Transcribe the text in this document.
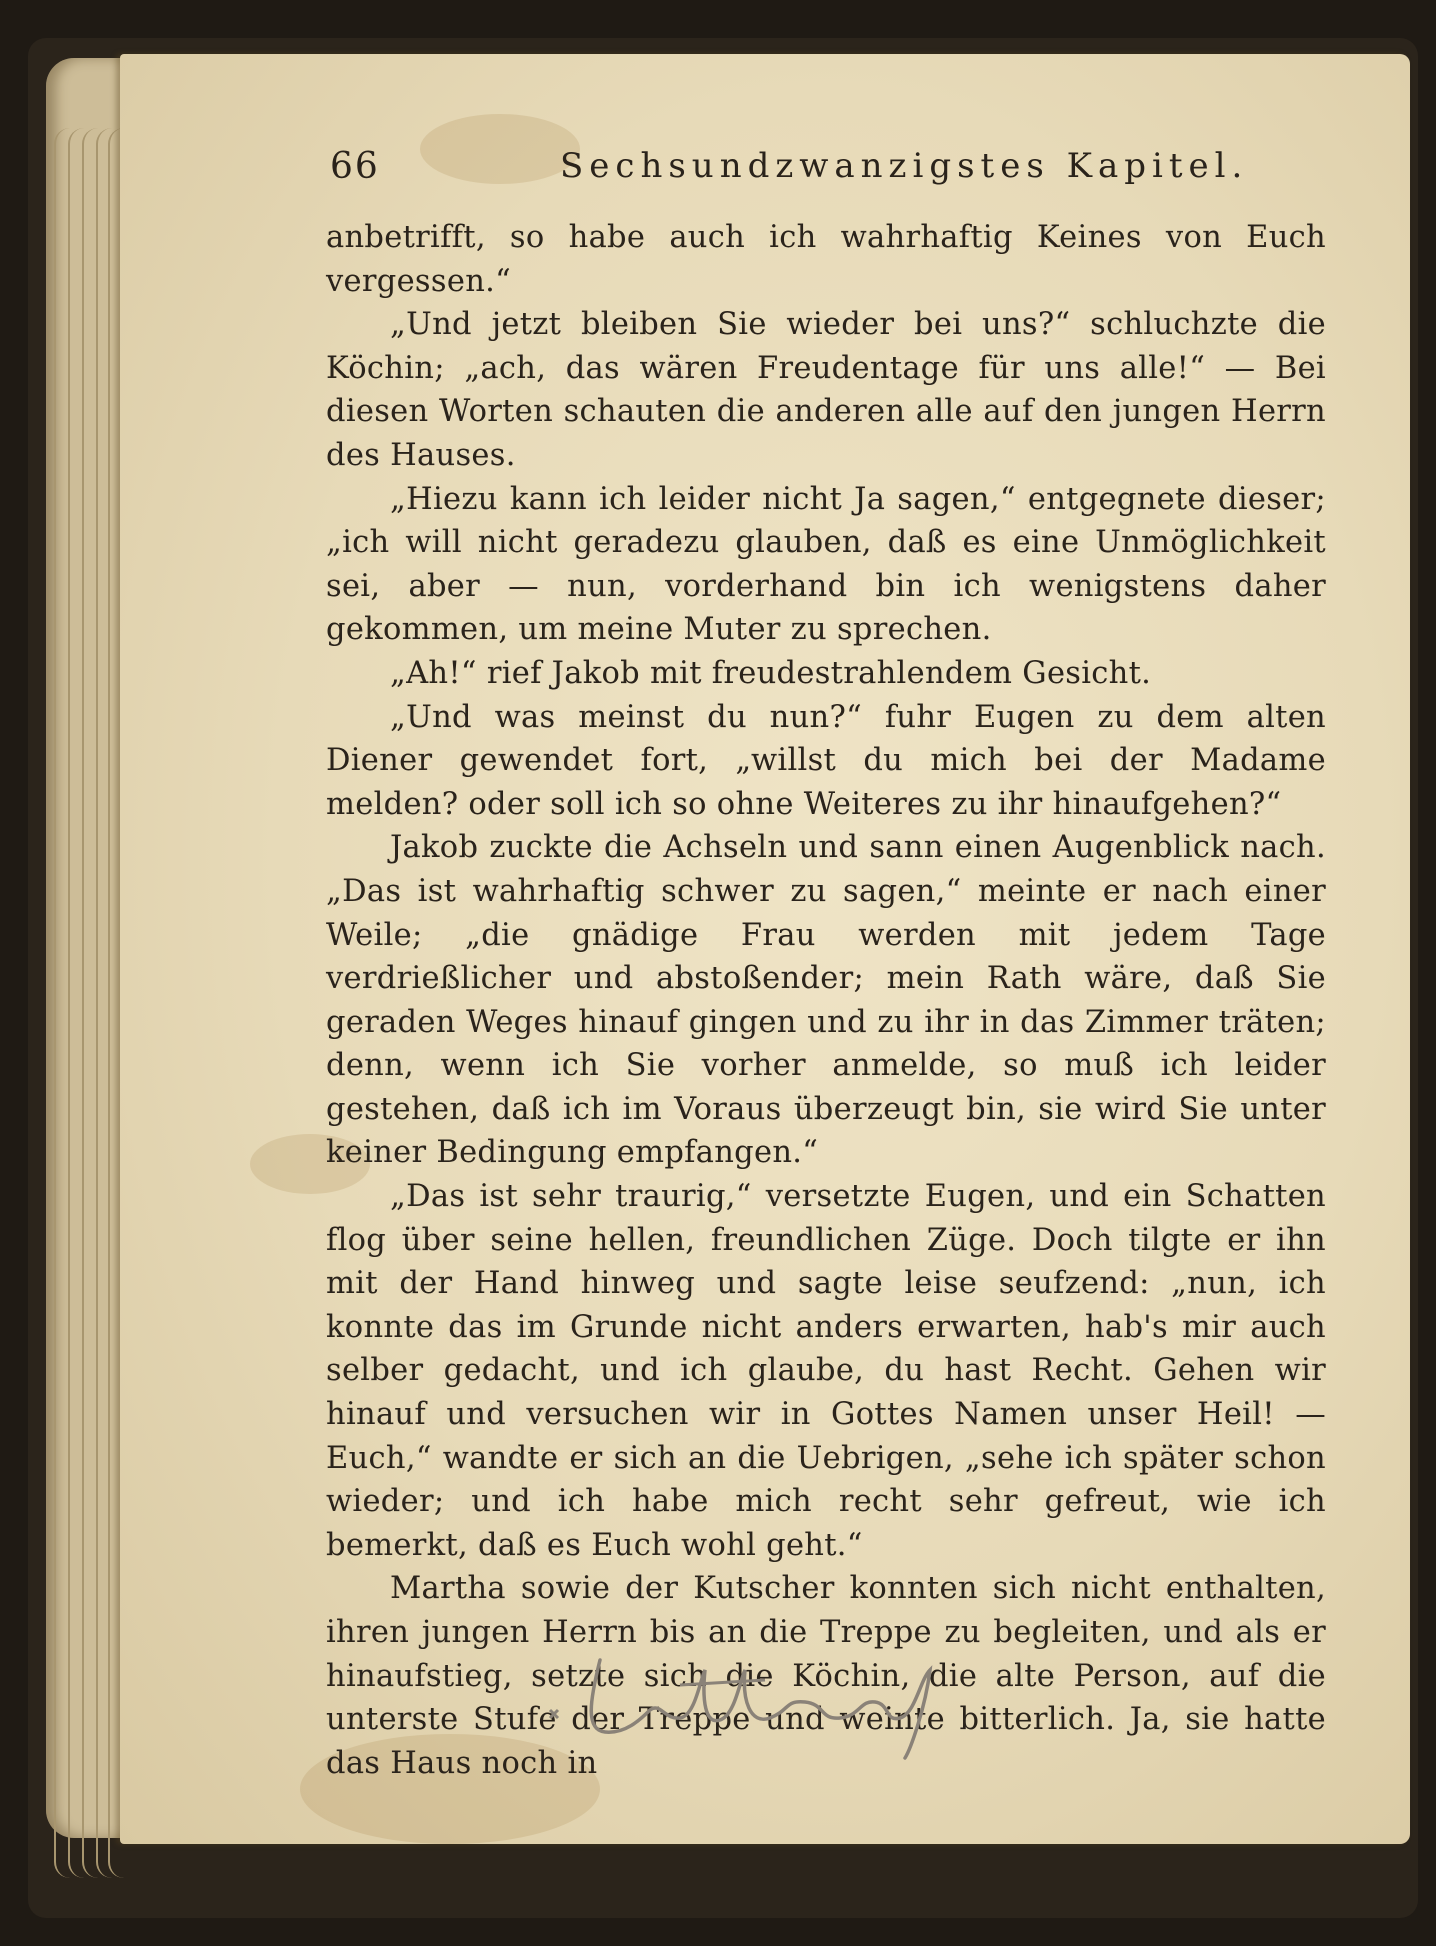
66	Sechsundzwanzigstes Kapitel.

anbetrifft, so habe auch ich wahrhaftig Keines von Euch vergessen.“

„Und jetzt bleiben Sie wieder bei uns?“ schluchzte die Köchin; „ach, das wären Freudentage für uns alle!“ — Bei diesen Worten schauten die anderen alle auf den jungen Herrn des Hauses.

„Hiezu kann ich leider nicht Ja sagen,“ entgegnete dieser; „ich will nicht geradezu glauben, daß es eine Unmöglichkeit sei, aber — nun, vorderhand bin ich wenigstens daher gekommen, um meine Muter zu sprechen.

„Ah!“ rief Jakob mit freudestrahlendem Gesicht.

„Und was meinst du nun?“ fuhr Eugen zu dem alten Diener gewendet fort, „willst du mich bei der Madame melden? oder soll ich so ohne Weiteres zu ihr hinaufgehen?“

Jakob zuckte die Achseln und sann einen Augenblick nach. „Das ist wahrhaftig schwer zu sagen,“ meinte er nach einer Weile; „die gnädige Frau werden mit jedem Tage verdrießlicher und abstoßender; mein Rath wäre, daß Sie geraden Weges hinauf gingen und zu ihr in das Zimmer träten; denn, wenn ich Sie vorher anmelde, so muß ich leider gestehen, daß ich im Voraus überzeugt bin, sie wird Sie unter keiner Bedingung empfangen.“

„Das ist sehr traurig,“ versetzte Eugen, und ein Schatten flog über seine hellen, freundlichen Züge. Doch tilgte er ihn mit der Hand hinweg und sagte leise seufzend: „nun, ich konnte das im Grunde nicht anders erwarten, hab's mir auch selber gedacht, und ich glaube, du hast Recht. Gehen wir hinauf und versuchen wir in Gottes Namen unser Heil! — Euch,“ wandte er sich an die Uebrigen, „sehe ich später schon wieder; und ich habe mich recht sehr gefreut, wie ich bemerkt, daß es Euch wohl geht.“

Martha sowie der Kutscher konnten sich nicht enthalten, ihren jungen Herrn bis an die Treppe zu begleiten, und als er hinaufstieg, setzte sich die Köchin, die alte Person, auf die unterste Stufe der Treppe und weinte bitterlich. Ja, sie hatte das Haus noch in
